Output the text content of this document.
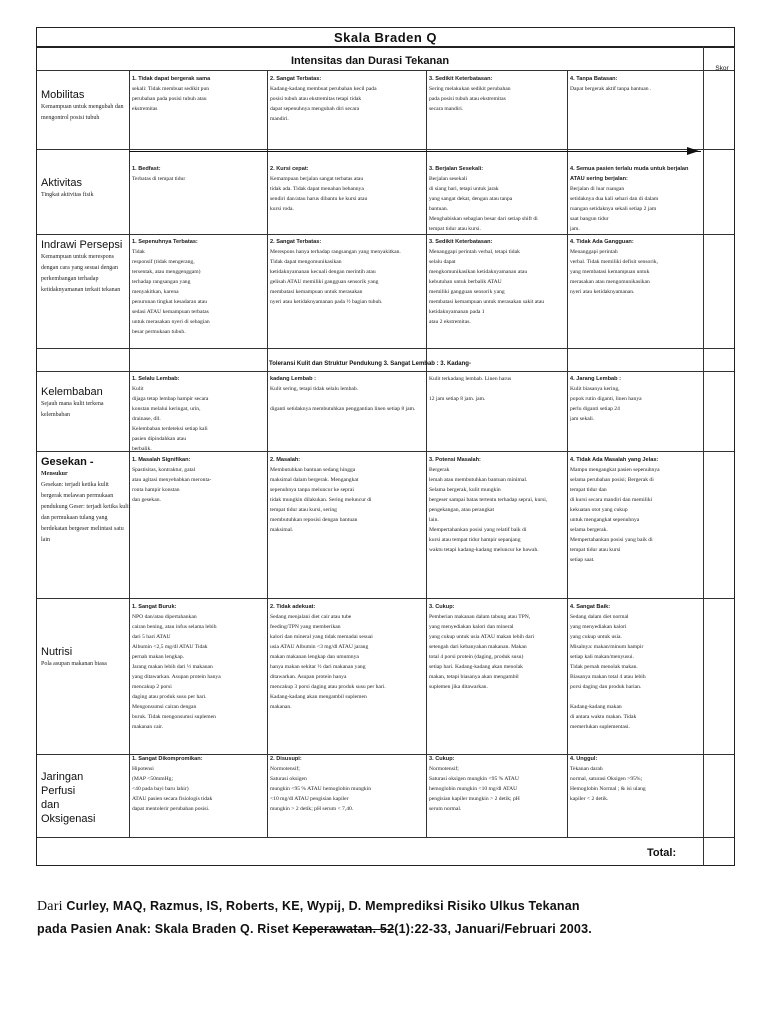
Skala Braden Q
Intensitas dan Durasi Tekanan
Skor
Toleransi Kulit dan Struktur Pendukung 3. Sangat Lembab : 3. Kadang-
Total:
Mobilitas
Kemampuan untuk mengubah dan mengontrol posisi tubuh
Aktivitas
Tingkat aktivitas fisik
Indrawi Persepsi
Kemampuan untuk merespons dengan cara yang sesuai dengan perkembangan terhadap ketidaknyamanan terkait tekanan
Kelembaban
Sejauh mana kulit terkena kelembaban
Gesekan -
Mensukur
Gesekan: terjadi ketika kulit bergerak melawan permukaan pendukung Geser: terjadi ketika kulit dan permukaan tulang yang berdekatan bergeser melintasi satu lain
Nutrisi
Pola asupan makanan biasa
Jaringan
Perfusi
dan
Oksigenasi
1. Tidak dapat bergerak sama
sekali: Tidak membuat sedikit pun
perubahan pada posisi tubuh atau
ekstremitas
2. Sangat Terbatas:
Kadang-kadang membuat perubahan kecil pada
posisi tubuh atau ekstremitas tetapi tidak
dapat sepenuhnya mengubah diri secara
mandiri.
3. Sedikit Keterbatasan:
Sering melakukan sedikit perubahan
pada posisi tubuh atau ekstremitas
secara mandiri.
4. Tanpa Batasan:
Dapat bergerak aktif tanpa bantuan .
1. Bedfast:
Terbatas di tempat tidur
2. Kursi cepat:
Kemampuan berjalan sangat terbatas atau
tidak ada. Tidak dapat menahan bebannya
sendiri dan/atau harus dibantu ke kursi atau
kursi roda.
3. Berjalan Sesekali:
Berjalan sesekali
di siang hari, tetapi untuk jarak
yang sangat dekat, dengan atau tanpa
bantuan.
Menghabiskan sebagian besar dari setiap shift di
tempat tidur atau kursi.
4. Semua pasien terlalu muda untuk berjalan ATAU sering berjalan:
Berjalan di luar ruangan
setidaknya dua kali sehari dan di dalam
ruangan setidaknya sekali setiap 2 jam
saat bangun tidur
jam.
1. Sepenuhnya Terbatas:
Tidak
responsif (tidak mengerang,
tersentak, atau menggenggam)
terhadap rangsangan yang
menyakitkan, karena
penurunan tingkat kesadaran atau
sedasi ATAU kemampuan terbatas
untuk merasakan nyeri di sebagian
besar permukaan tubuh.
2. Sangat Terbatas:
Merespons hanya terhadap rangsangan yang menyakitkan.
Tidak dapat mengomunikasikan
ketidaknyamanan kecuali dengan merintih atau
gelisah ATAU memiliki gangguan sensorik yang
membatasi kemampuan untuk merasakan
nyeri atau ketidaknyamanan pada ½ bagian tubuh.
3. Sedikit Keterbatasan:
Menanggapi perintah verbal, tetapi tidak
selalu dapat
mengkomunikasikan ketidaknyamanan atau
kebutuhan untuk berbalik ATAU
memiliki gangguan sensorik yang
membatasi kemampuan untuk merasakan sakit atau
ketidaknyamanan pada 1
atau 2 ekstremitas.
4. Tidak Ada Gangguan:
Menanggapi perintah
verbal. Tidak memiliki defisit sensorik,
yang membatasi kemampuan untuk
merasakan atau mengomunikasikan
nyeri atau ketidaknyamanan.
1. Selalu Lembab:
Kulit
dijaga tetap lembap hampir secara
konstan melalui keringat, urin,
drainase, dll.
Kelembaban terdeteksi setiap kali
pasien dipindahkan atau
berbalik.
kadang Lembab :
Kulit sering, tetapi tidak selalu lembab.

diganti setidaknya membutuhkan penggantian linen setiap 8 jam.
Kulit terkadang lembab. Linen harus

12 jam setiap 8 jam. jam.
4. Jarang Lembab :
Kulit biasanya kering,
popok rutin diganti, linen hanya
perlu diganti setiap 24
jam sekali.
1. Masalah Signifikan:
Spastisitas, kontraktur, gatal
atau agitasi menyebabkan meronta-
ronta hampir konstan
dan gesekan.
2. Masalah:
Membutuhkan bantuan sedang hingga
maksimal dalam bergerak. Mengangkat
sepenuhnya tanpa meluncur ke seprai
tidak mungkin dilakukan. Sering meluncur di
tempat tidur atau kursi, sering
membutuhkan reposisi dengan bantuan
maksimal.
3. Potensi Masalah:
Bergerak
lemah atau membutuhkan bantuan minimal.
Selama bergerak, kulit mungkin
bergeser sampai batas tertentu terhadap seprai, kursi,
pengekangan, atau perangkat
lain.
Mempertahankan posisi yang relatif baik di
kursi atau tempat tidur hampir sepanjang
waktu tetapi kadang-kadang meluncur ke bawah.
4. Tidak Ada Masalah yang Jelas:
Mampu mengangkat pasien sepenuhnya
selama perubahan posisi; Bergerak di
tempat tidur dan
di kursi secara mandiri dan memiliki
kekuatan otot yang cukup
untuk mengangkat sepenuhnya
selama bergerak.
Mempertahankan posisi yang baik di
tempat tidur atau kursi
setiap saat.
1. Sangat Buruk:
NPO dan/atau dipertahankan
cairan bening, atau infus selama lebih
dari 5 hari ATAU
Albumin <2,5 mg/dl ATAU Tidak
pernah makan lengkap.
Jarang makan lebih dari ½ makanan
yang ditawarkan. Asupan protein hanya
mencakup 2 porsi
daging atau produk susu per hari.
Mengonsumsi cairan dengan
buruk. Tidak mengonsumsi suplemen
makanan cair.
2. Tidak adekuat:
Sedang menjalani diet cair atau tube
feeding/TPN yang memberikan
kalori dan mineral yang tidak memadai sesuai
usia ATAU Albumin <3 mg/dl ATAU jarang
makan makanan lengkap dan umumnya
hanya makan sekitar ½ dari makanan yang
ditawarkan. Asupan protein hanya
mencakup 3 porsi daging atau produk susu per hari.
Kadang-kadang akan mengambil suplemen
makanan.
3. Cukup:
Pemberian makanan dalam tabung atau TPN,
yang menyediakan kalori dan mineral
yang cukup untuk usia ATAU makan lebih dari
setengah dari kebanyakan makanan. Makan
total 4 porsi protein (daging, produk susu)
setiap hari. Kadang-kadang akan menolak
makan, tetapi biasanya akan mengambil
suplemen jika ditawarkan.
4. Sangat Baik:
Sedang dalam diet normal
yang menyediakan kalori
yang cukup untuk usia.
Misalnya: makan/minum hampir
setiap kali makan/menyusui.
Tidak pernah menolak makan.
Biasanya makan total 4 atau lebih
porsi daging dan produk harian.

Kadang-kadang makan
di antara waktu makan. Tidak
memerlukan suplementasi.
1. Sangat Dikompromikan:
Hipotensi
(MAP <50mmHg;
<40 pada bayi baru lahir)
ATAU pasien secara fisiologis tidak
dapat mentolerir perubahan posisi.
2. Disusupi:
Normotensif;
Saturasi oksigen
mungkin <95 % ATAU hemoglobin mungkin
<10 mg/dl ATAU pengisian kapiler
mungkin > 2 detik; pH serum < 7,40.
3. Cukup:
Normotensif;
Saturasi oksigen mungkin <95 % ATAU
hemoglobin mungkin <10 mg/dl ATAU
pengisian kapiler mungkin > 2 detik; pH
serum normal.
4. Unggul:
Tekanan darah
normal, saturasi Oksigen >95%;
Hemoglobin Normal ; & isi ulang
kapiler < 2 detik.
Dari Curley, MAQ, Razmus, IS, Roberts, KE, Wypij, D. Memprediksi Risiko Ulkus Tekanan
pada Pasien Anak: Skala Braden Q. Riset Keperawatan. 52(1):22-33, Januari/Februari 2003.
